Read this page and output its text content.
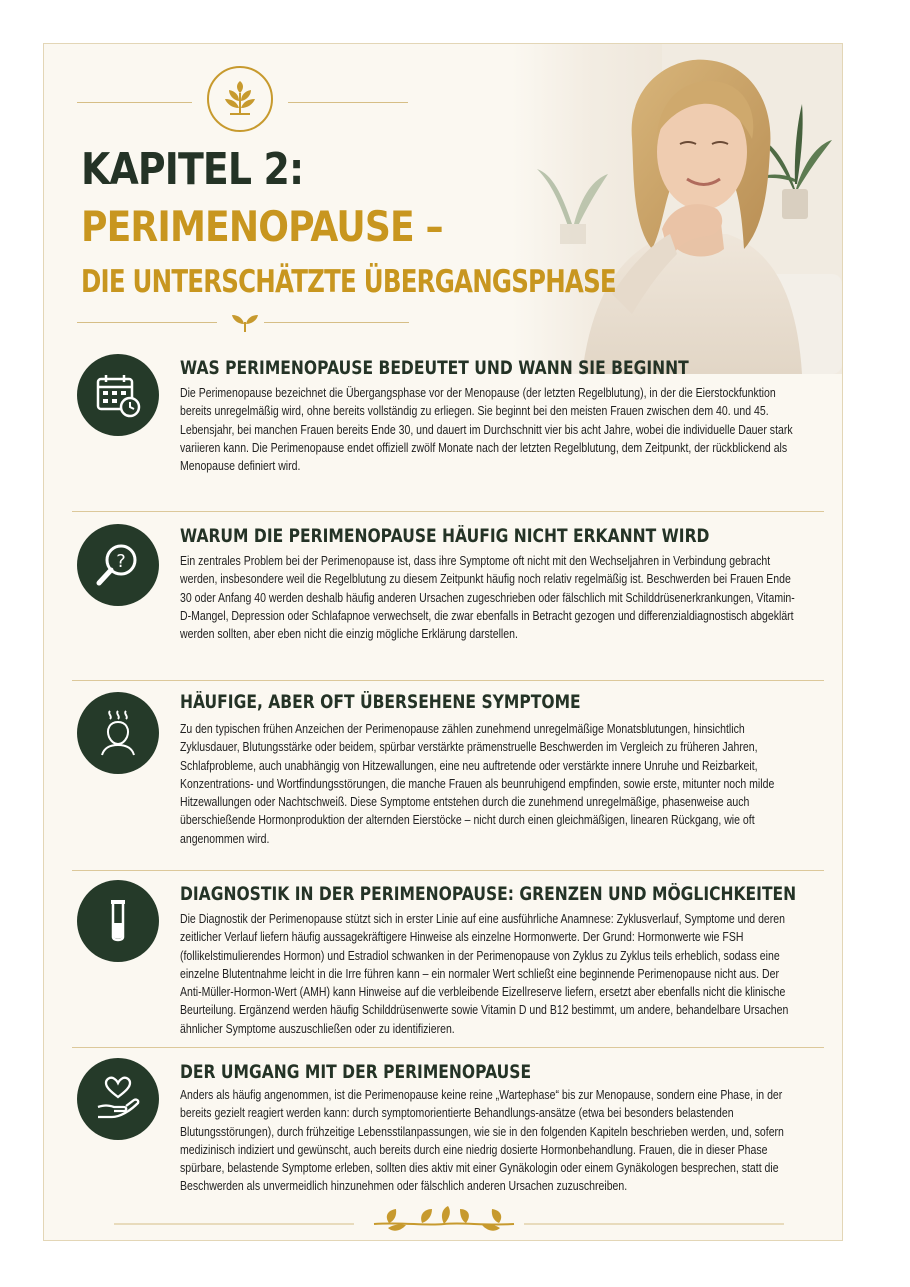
KAPITEL 2:
PERIMENOPAUSE –
DIE UNTERSCHÄTZTE ÜBERGANGSPHASE
WAS PERIMENOPAUSE BEDEUTET UND WANN SIE BEGINNT

Die Perimenopause bezeichnet die Übergangsphase vor der Menopause (der letzten Regelblutung), in der die Eierstockfunktion bereits unregelmäßig wird, ohne bereits vollständig zu erliegen. Sie beginnt bei den meisten Frauen zwischen dem 40. und 45. Lebensjahr, bei manchen Frauen bereits Ende 30, und dauert im Durchschnitt vier bis acht Jahre, wobei die individuelle Dauer stark variieren kann. Die Perimenopause endet offiziell zwölf Monate nach der letzten Regelblutung, dem Zeitpunkt, der rückblickend als Menopause definiert wird.

?
WARUM DIE PERIMENOPAUSE HÄUFIG NICHT ERKANNT WIRD

Ein zentrales Problem bei der Perimenopause ist, dass ihre Symptome oft nicht mit den Wechseljahren in Verbindung gebracht werden, insbesondere weil die Regelblutung zu diesem Zeitpunkt häufig noch relativ regelmäßig ist. Beschwerden bei Frauen Ende 30 oder Anfang 40 werden deshalb häufig anderen Ursachen zugeschrieben oder fälschlich mit Schilddrüsenerkrankungen, Vitamin-D-Mangel, Depression oder Schlafapnoe verwechselt, die zwar ebenfalls in Betracht gezogen und differenzialdiagnostisch abgeklärt werden sollten, aber eben nicht die einzig mögliche Erklärung darstellen.

HÄUFIGE, ABER OFT ÜBERSEHENE SYMPTOME

Zu den typischen frühen Anzeichen der Perimenopause zählen zunehmend unregelmäßige Monatsblutungen, hinsichtlich Zyklusdauer, Blutungsstärke oder beidem, spürbar verstärkte prämenstruelle Beschwerden im Vergleich zu früheren Jahren, Schlafprobleme, auch unabhängig von Hitzewallungen, eine neu auftretende oder verstärkte innere Unruhe und Reizbarkeit, Konzentrations- und Wortfindungsstörungen, die manche Frauen als beunruhigend empfinden, sowie erste, mitunter noch milde Hitzewallungen oder Nachtschweiß. Diese Symptome entstehen durch die zunehmend unregelmäßige, phasenweise auch überschießende Hormonproduktion der alternden Eierstöcke – nicht durch einen gleichmäßigen, linearen Rückgang, wie oft angenommen wird.

DIAGNOSTIK IN DER PERIMENOPAUSE: GRENZEN UND MÖGLICHKEITEN

Die Diagnostik der Perimenopause stützt sich in erster Linie auf eine ausführliche Anamnese: Zyklusverlauf, Symptome und deren zeitlicher Verlauf liefern häufig aussagekräftigere Hinweise als einzelne Hormonwerte. Der Grund: Hormonwerte wie FSH (follikelstimulierendes Hormon) und Estradiol schwanken in der Perimenopause von Zyklus zu Zyklus teils erheblich, sodass eine einzelne Blutentnahme leicht in die Irre führen kann – ein normaler Wert schließt eine beginnende Perimenopause nicht aus. Der Anti-Müller-Hormon-Wert (AMH) kann Hinweise auf die verbleibende Eizellreserve liefern, ersetzt aber ebenfalls nicht die klinische Beurteilung. Ergänzend werden häufig Schilddrüsenwerte sowie Vitamin D und B12 bestimmt, um andere, behandelbare Ursachen ähnlicher Symptome auszuschließen oder zu identifizieren.

DER UMGANG MIT DER PERIMENOPAUSE

Anders als häufig angenommen, ist die Perimenopause keine reine „Wartephase“ bis zur Menopause, sondern eine Phase, in der bereits gezielt reagiert werden kann: durch symptomorientierte Behandlungs-ansätze (etwa bei besonders belastenden Blutungsstörungen), durch frühzeitige Lebensstilanpassungen, wie sie in den folgenden Kapiteln beschrieben werden, und, sofern medizinisch indiziert und gewünscht, auch bereits durch eine niedrig dosierte Hormonbehandlung. Frauen, die in dieser Phase spürbare, belastende Symptome erleben, sollten dies aktiv mit einer Gynäkologin oder einem Gynäkologen besprechen, statt die Beschwerden als unvermeidlich hinzunehmen oder fälschlich anderen Ursachen zuzuschreiben.
